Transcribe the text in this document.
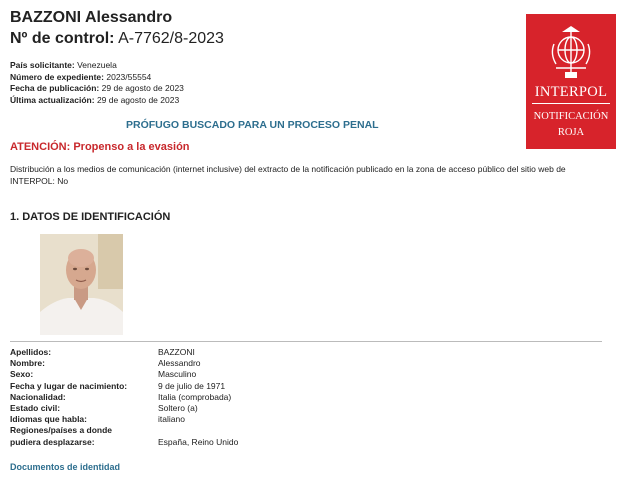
BAZZONI Alessandro
Nº de control: A-7762/8-2023
País solicitante: Venezuela
Número de expediente: 2023/55554
Fecha de publicación: 29 de agosto de 2023
Última actualización: 29 de agosto de 2023	INTERPOL
NOTIFICACIÓN
ROJA
PRÓFUGO BUSCADO PARA UN PROCESO PENAL
ATENCIÓN: Propenso a la evasión
Distribución a los medios de comunicación (internet inclusive) del extracto de la notificación publicado en la zona de acceso público del sitio web de INTERPOL: No
1. DATOS DE IDENTIFICACIÓN
Apellidos:	BAZZONI
Nombre:	Alessandro
Sexo:	Masculino
Fecha y lugar de nacimiento:	9 de julio de 1971
Nacionalidad:	Italia (comprobada)
Estado civil:	Soltero (a)
Idiomas que habla:	italiano
Regiones/países a donde
pudiera desplazarse:	España, Reino Unido
Documentos de identidad
